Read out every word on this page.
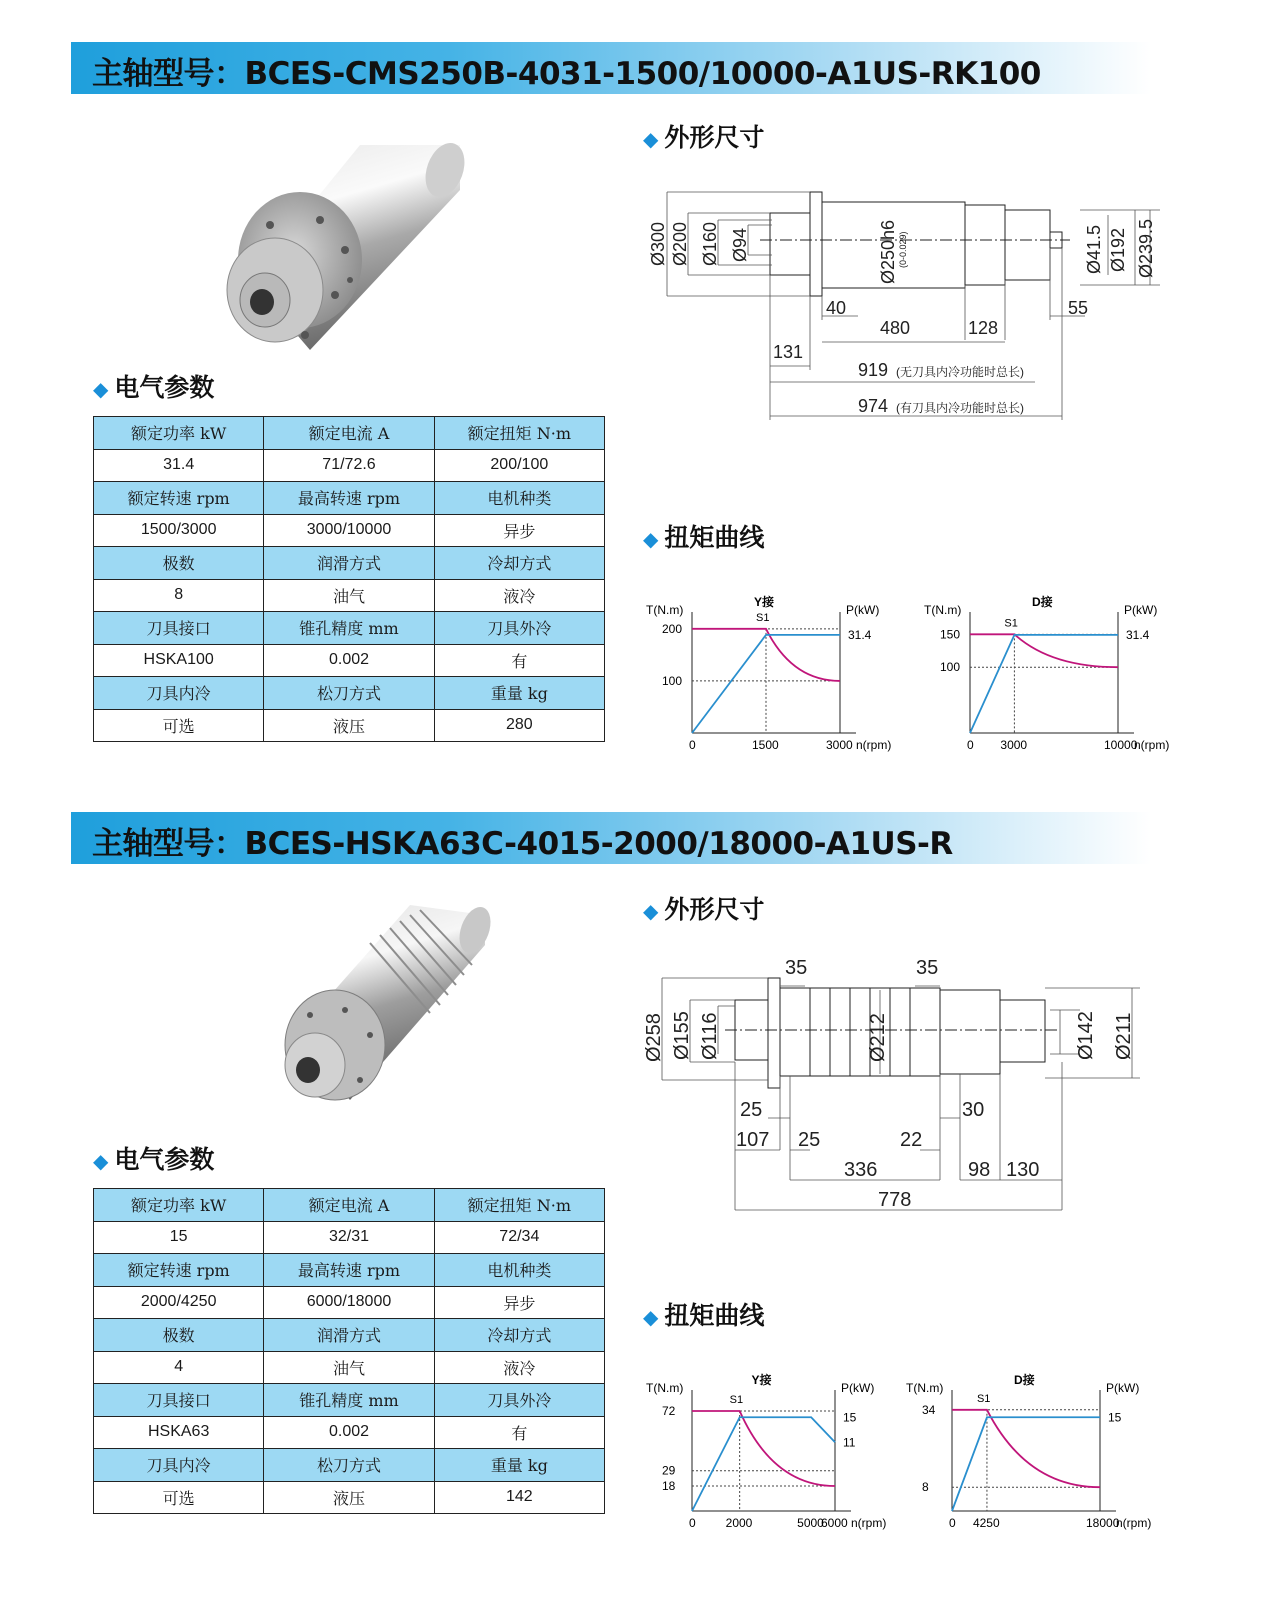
主轴型号：BCES-CMS250B-4031-1500/10000-A1US-RK100
◆ 外形尺寸
Ø300 Ø200 Ø160 Ø94	Ø250h6 (0-0.029)	Ø41.5 Ø192 Ø239.5
40
480	128
55
131
919 (无刀具内冷功能时总长)
974 (有刀具内冷功能时总长)
◆ 电气参数
额定功率 kW	额定电流 A	额定扭矩 N·m
31.4	71/72.6	200/100
额定转速 rpm	最高转速 rpm	电机种类
1500/3000	3000/10000	异步
极数	润滑方式	冷却方式
8	油气	液冷
刀具接口	锥孔精度 mm	刀具外冷
HSKA100	0.002	有
刀具内冷	松刀方式	重量 kg
可选	液压	280
◆ 扭矩曲线
T(N.m)	P(kW)
n(rpm)
Y接
0	1500	3000
200
100
31.4
S1
T(N.m)	P(kW)
n(rpm)
D接
0 3000	10000
150
100
31.4
S1
主轴型号：BCES-HSKA63C-4015-2000/18000-A1US-R
◆ 外形尺寸
Ø258 Ø155 Ø116	Ø212	Ø142 Ø211
35	35
25	30
107 25	22
336	98 130
778
◆ 电气参数
额定功率 kW	额定电流 A	额定扭矩 N·m
15	32/31	72/34
额定转速 rpm	最高转速 rpm	电机种类
2000/4250	6000/18000	异步
极数	润滑方式	冷却方式
4	油气	液冷
刀具接口	锥孔精度 mm	刀具外冷
HSKA63	0.002	有
刀具内冷	松刀方式	重量 kg
可选	液压	142
◆ 扭矩曲线
T(N.m)	P(kW)
n(rpm)
Y接
0 2000	5000
6000
72
29
18
15
11
S1
T(N.m)	P(kW)
n(rpm)
D接
0 4250	18000
34
8
15
S1
